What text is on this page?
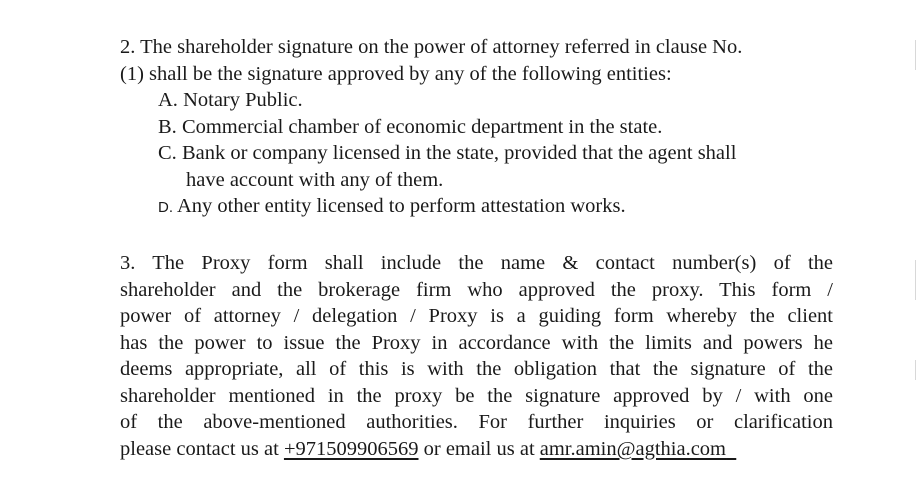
2. The shareholder signature on the power of attorney referred in clause No.
(1) shall be the signature approved by any of the following entities:
A. Notary Public.
B. Commercial chamber of economic department in the state.
C. Bank or company licensed in the state, provided that the agent shall
have account with any of them.
D. Any other entity licensed to perform attestation works.
3. The Proxy form shall include the name & contact number(s) of the
shareholder and the brokerage firm who approved the proxy. This form /
power of attorney / delegation / Proxy is a guiding form whereby the client
has the power to issue the Proxy in accordance with the limits and powers he
deems appropriate, all of this is with the obligation that the signature of the
shareholder mentioned in the proxy be the signature approved by / with one
of the above-mentioned authorities. For further inquiries or clarification
please contact us at +971509906569 or email us at amr.amin@agthia.com
